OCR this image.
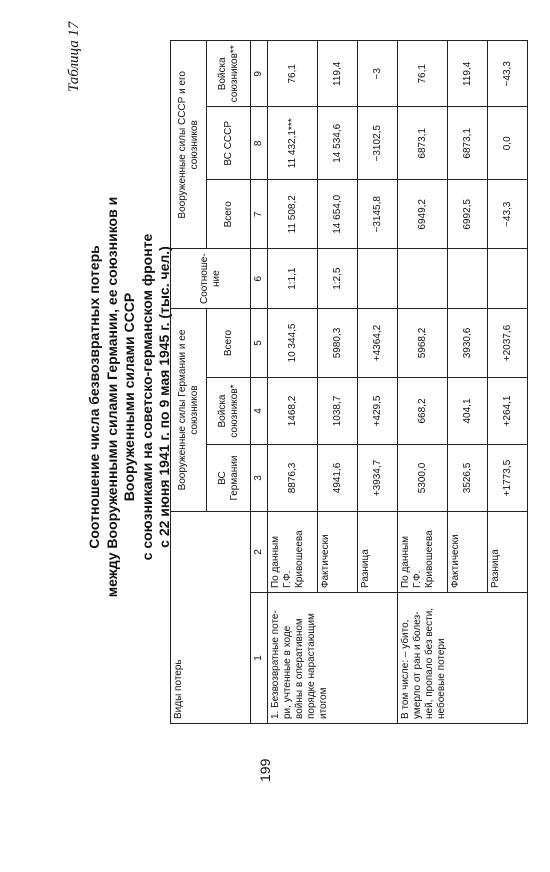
Таблица 17
Соотношение числа безвозвратных потерь между Вооруженными силами Германии, ее союзников и Вооруженными силами СССР с союзниками на советско-германском фронте с 22 июня 1941 г. по 9 мая 1945 г. (тыс. чел.)
Виды потерь		Вооруженные силы Германии и ее союзников			Соотноше-ние	Вооруженные силы СССР и его союзников		
		ВС Германии	Войска союзников*	Всего		Всего	ВС СССР	Войска союзников**
1	2	3	4	5	6	7	8	9
1. Безвозвратные поте-ри, учтенные в ходе войны в оперативном порядке нарастающим итогом	По данным Г.Ф. Кривошеева	8876,3	1468,2	10 344,5	1:1,1	11 508,2	11 432,1***	76,1
	Фактически	4941,6	1038,7	5980,3	1:2,5	14 654,0	14 534,6	119,4
	Разница	+3934,7	+429,5	+4364,2		−3145,8	−3102,5	−3
В том числе: – убито, умерло от ран и болез-ней, пропало без вести, небоевые потери	По данным Г.Ф. Кривошеева	5300,0	668,2	5968,2		6949,2	6873,1	76,1
	Фактически	3526,5	404,1	3930,6		6992,5	6873,1	119,4
	Разница	+1773,5	+264,1	+2037,6		−43,3	0,0	−43,3
199
